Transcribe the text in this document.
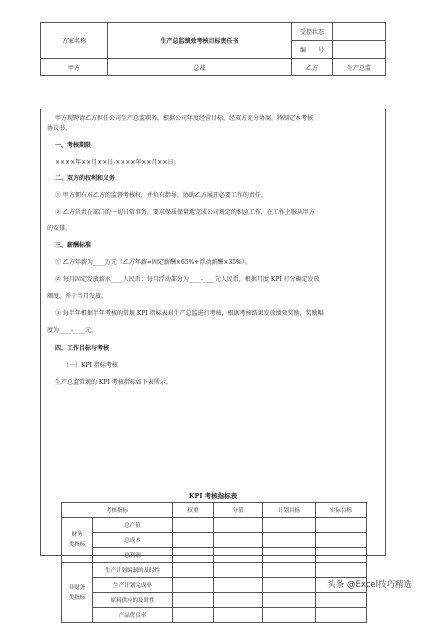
方案名称	生产总监绩效考核目标责任书	受控状态	
		编　　号	
甲方	总裁	乙方	生产总监
甲方现聘请乙方担任公司生产总监职务，根据公司年度经营目标，经双方充分协商，特制定本考核
协议书。
一、考核期限
××××年××月××日-××××年××月××日。
二、双方的权利和义务
① 甲方拥有对乙方的监督考核权，并负有指导，协助乙方展开必要工作的责任。
② 乙方负责在部门的一切日常事务，要求保质保量地完成公司规定的相应工作，在工作上服从甲方
的安排。
三、薪酬标准
① 乙方年薪为____万元（乙方年薪=固定薪酬×65%+浮动薪酬×35%）。
② 每月固定发放薪水____人民币；每月浮动部分为____-____元人民币，根据月度 KPI 打分确定发放
额度，并于当月发放。
③ 每半年根据半年考核的常规 KPI 指标表对生产总监进行考核，根据考核结果发放绩效奖励，奖励幅
度为____-____元。
四、工作目标与考核
（一）KPI 指标考核
生产总监常规的 KPI 考核指标如下表所示。
KPI 考核指标表
考核指标		权重	分值	计划目标	实际目标
财务
类指标	总产值				
	总成本				
	总利润				
非财务
类指标	生产计划编制的及时性				
	生产计划完成率				
	原料供应的及时性				
	产品优良率				
头条 @Excel技巧精选
